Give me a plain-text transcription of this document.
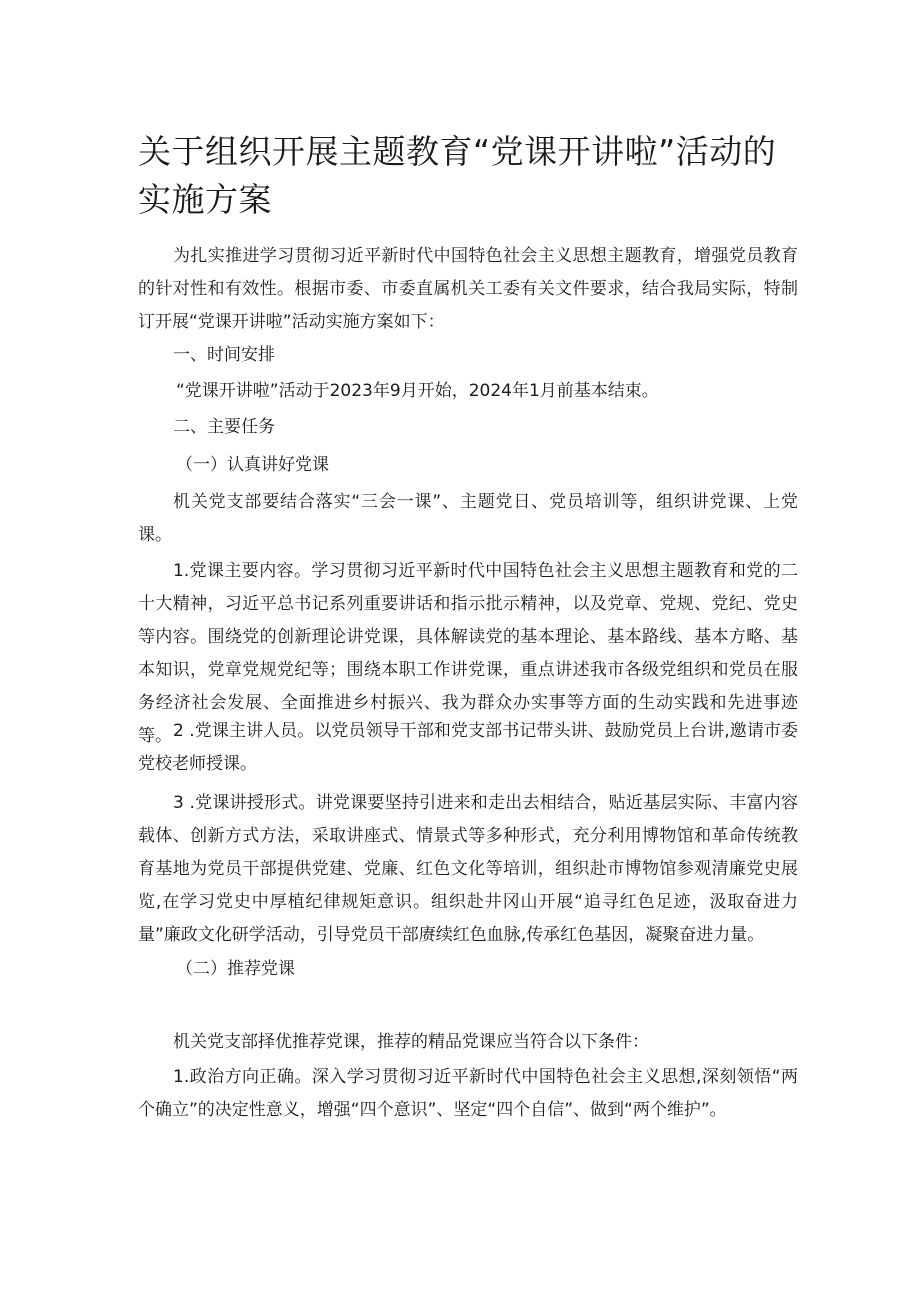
关于组织开展主题教育“党课开讲啦”活动的实施方案

为扎实推进学习贯彻习近平新时代中国特色社会主义思想主题教育，增强党员教育的针对性和有效性。根据市委、市委直属机关工委有关文件要求，结合我局实际，特制订开展“党课开讲啦”活动实施方案如下：

一、时间安排

“党课开讲啦”活动于2023年9月开始，2024年1月前基本结束。

二、主要任务

（一）认真讲好党课

机关党支部要结合落实“三会一课”、主题党日、党员培训等，组织讲党课、上党课。

1.党课主要内容。学习贯彻习近平新时代中国特色社会主义思想主题教育和党的二十大精神，习近平总书记系列重要讲话和指示批示精神，以及党章、党规、党纪、党史等内容。围绕党的创新理论讲党课，具体解读党的基本理论、基本路线、基本方略、基本知识，党章党规党纪等；围绕本职工作讲党课，重点讲述我市各级党组织和党员在服务经济社会发展、全面推进乡村振兴、我为群众办实事等方面的生动实践和先进事迹等。 2 .党课主讲人员。以党员领导干部和党支部书记带头讲、鼓励党员上台讲,邀请市委党校老师授课。

3 .党课讲授形式。讲党课要坚持引进来和走出去相结合，贴近基层实际、丰富内容载体、创新方式方法，采取讲座式、情景式等多种形式，充分利用博物馆和革命传统教育基地为党员干部提供党建、党廉、红色文化等培训，组织赴市博物馆参观清廉党史展览,在学习党史中厚植纪律规矩意识。组织赴井冈山开展“追寻红色足迹，汲取奋进力量”廉政文化研学活动，引导党员干部赓续红色血脉,传承红色基因，凝聚奋进力量。

（二）推荐党课

机关党支部择优推荐党课，推荐的精品党课应当符合以下条件：

1.政治方向正确。深入学习贯彻习近平新时代中国特色社会主义思想,深刻领悟“两个确立”的决定性意义，增强“四个意识”、坚定“四个自信”、做到“两个维护”。
